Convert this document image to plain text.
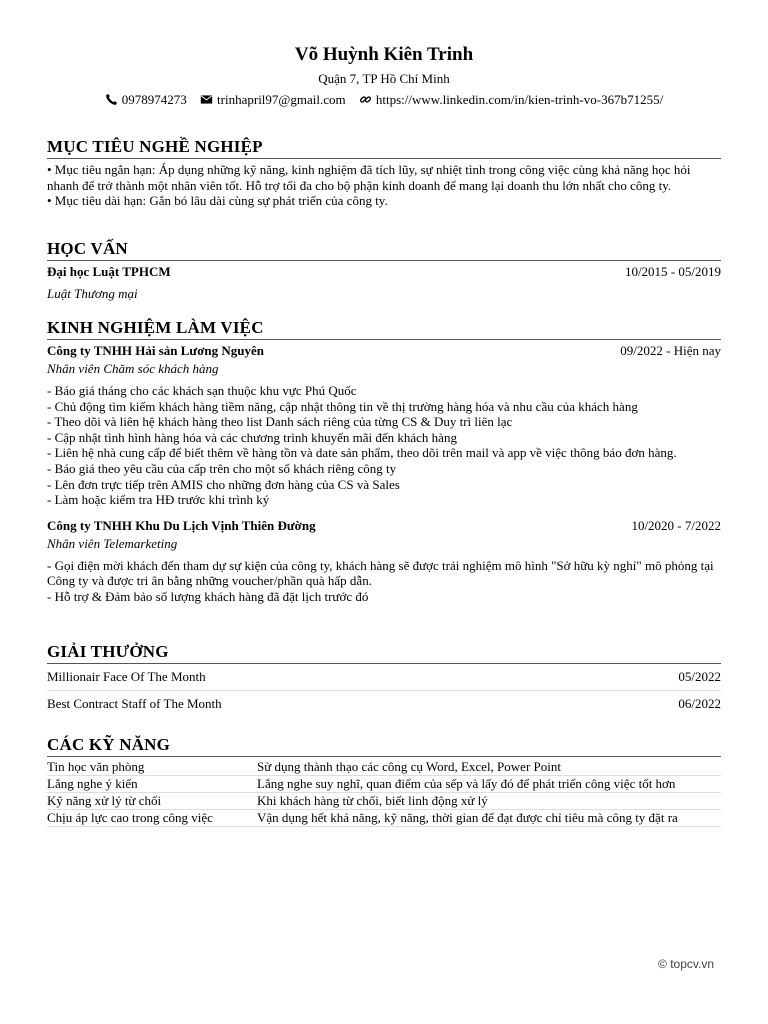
Võ Huỳnh Kiên Trinh
Quận 7, TP Hồ Chí Minh
0978974273 trinhapril97@gmail.com https://www.linkedin.com/in/kien-trinh-vo-367b71255/
MỤC TIÊU NGHỀ NGHIỆP

• Mục tiêu ngắn hạn: Áp dụng những kỹ năng, kinh nghiệm đã tích lũy, sự nhiệt tình trong công việc cùng khả năng học hỏi nhanh để trở thành một nhân viên tốt. Hỗ trợ tối đa cho bộ phận kinh doanh để mang lại doanh thu lớn nhất cho công ty.

• Mục tiêu dài hạn: Gắn bó lâu dài cùng sự phát triển của công ty.

HỌC VẤN
Đại học Luật TPHCM	10/2015 - 05/2019
Luật Thương mại
KINH NGHIỆM LÀM VIỆC
Công ty TNHH Hải sản Lương Nguyên	09/2022 - Hiện nay
Nhân viên Chăm sóc khách hàng
- Báo giá tháng cho các khách sạn thuộc khu vực Phú Quốc
- Chủ động tìm kiếm khách hàng tiềm năng, cập nhật thông tin về thị trường hàng hóa và nhu cầu của khách hàng
- Theo dõi và liên hệ khách hàng theo list Danh sách riêng của từng CS & Duy trì liên lạc
- Cập nhật tình hình hàng hóa và các chương trình khuyến mãi đến khách hàng
- Liên hệ nhà cung cấp để biết thêm về hàng tồn và date sản phẩm, theo dõi trên mail và app về việc thông báo đơn hàng.
- Báo giá theo yêu cầu của cấp trên cho một số khách riêng công ty
- Lên đơn trực tiếp trên AMIS cho những đơn hàng của CS và Sales
- Làm hoặc kiểm tra HĐ trước khi trình ký
Công ty TNHH Khu Du Lịch Vịnh Thiên Đường	10/2020 - 7/2022
Nhân viên Telemarketing
- Gọi điện mời khách đến tham dự sự kiện của công ty, khách hàng sẽ được trải nghiệm mô hình "Sở hữu kỳ nghỉ" mô phỏng tại Công ty và được tri ân bằng những voucher/phần quà hấp dẫn.
- Hỗ trợ & Đảm bảo số lượng khách hàng đã đặt lịch trước đó
GIẢI THƯỞNG
Millionair Face Of The Month	05/2022
Best Contract Staff of The Month	06/2022
CÁC KỸ NĂNG
Tin học văn phòng	Sử dụng thành thạo các công cụ Word, Excel, Power Point
Lắng nghe ý kiến	Lắng nghe suy nghĩ, quan điểm của sếp và lấy đó để phát triển công việc tốt hơn
Kỹ năng xử lý từ chối	Khi khách hàng từ chối, biết linh động xử lý
Chịu áp lực cao trong công việc	Vận dụng hết khả năng, kỹ năng, thời gian để đạt được chỉ tiêu mà công ty đặt ra
© topcv.vn
